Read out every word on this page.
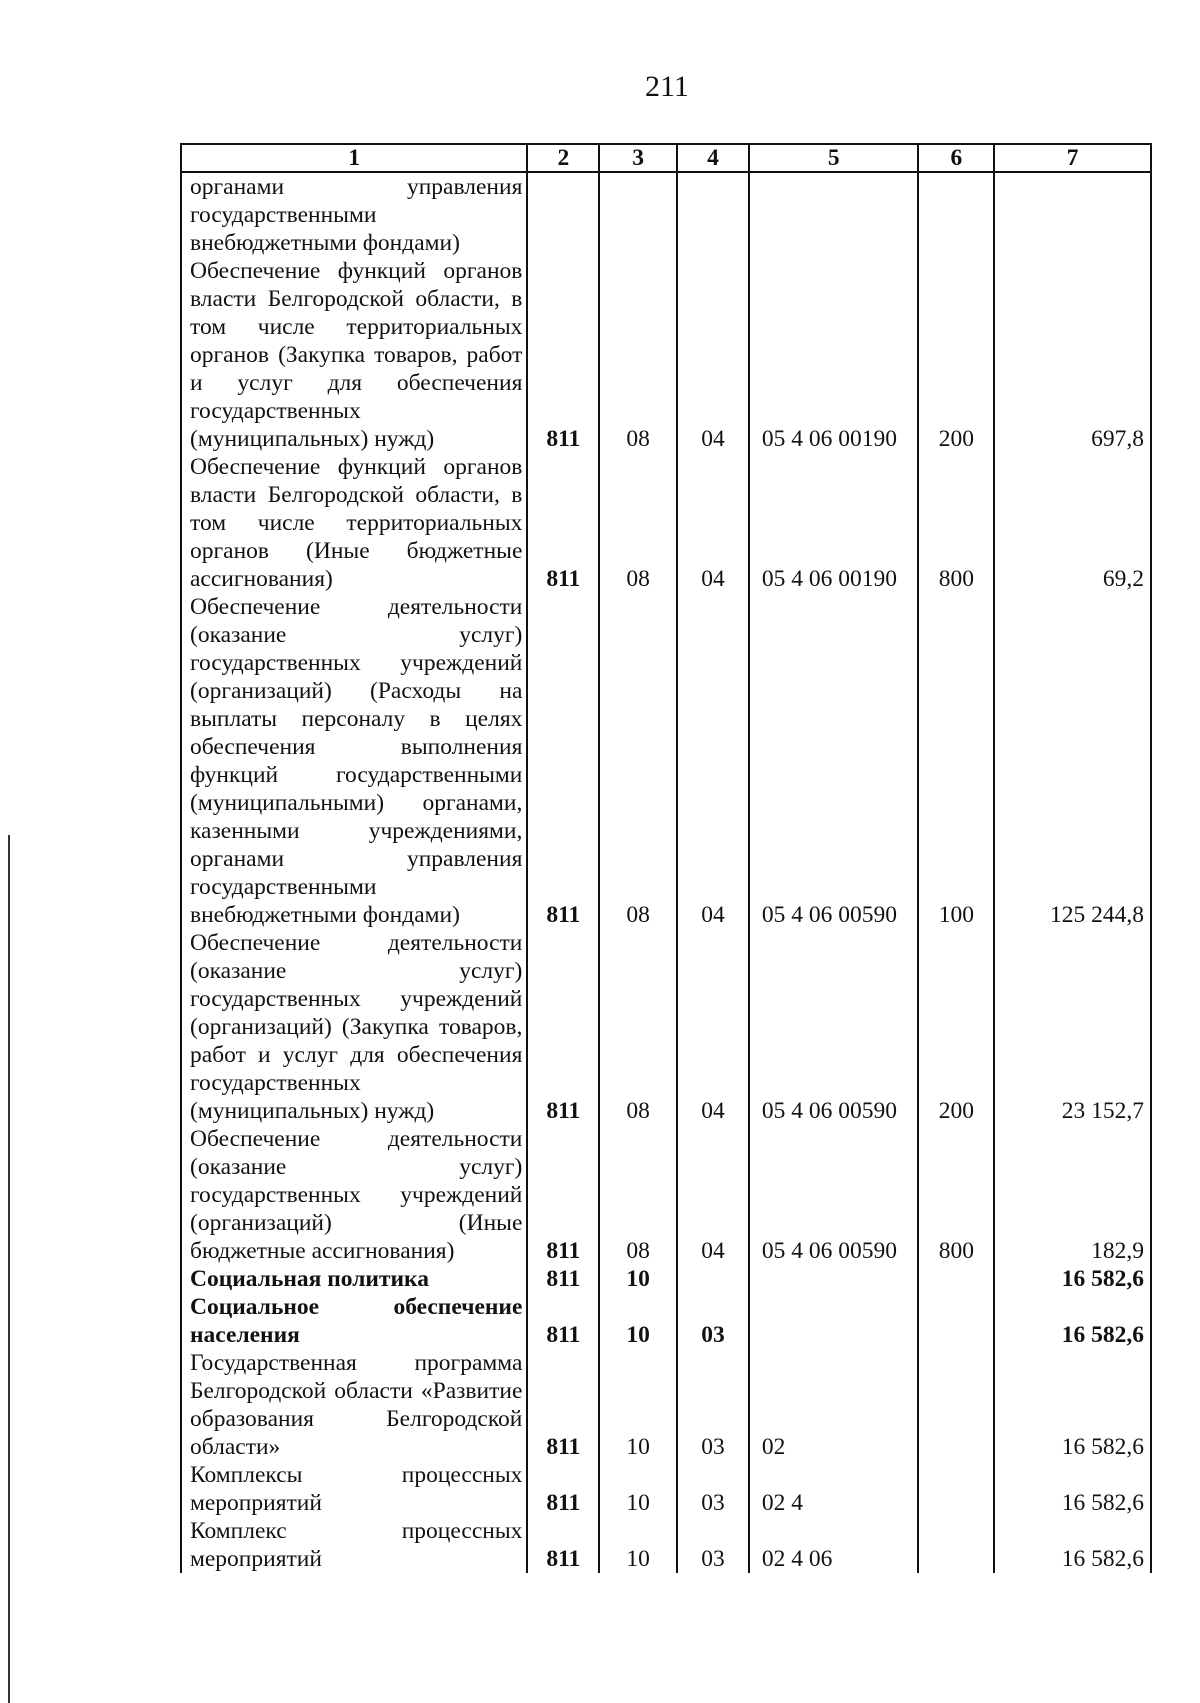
211
1	2	3	4	5	6	7
органами управления государственными внебюджетными фондами)						
Обеспечение функций органов власти Белгородской области, в том числе территориальных органов (Закупка товаров, работ и услуг для обеспечения государственных (муниципальных) нужд)	811	08	04	05 4 06 00190	200	697,8
Обеспечение функций органов власти Белгородской области, в том числе территориальных органов (Иные бюджетные ассигнования)	811	08	04	05 4 06 00190	800	69,2
Обеспечение деятельности (оказание услуг) государственных учреждений (организаций) (Расходы на выплаты персоналу в целях обеспечения выполнения функций государственными (муниципальными) органами, казенными учреждениями, органами управления государственными внебюджетными фондами)	811	08	04	05 4 06 00590	100	125 244,8
Обеспечение деятельности (оказание услуг) государственных учреждений (организаций) (Закупка товаров, работ и услуг для обеспечения государственных (муниципальных) нужд)	811	08	04	05 4 06 00590	200	23 152,7
Обеспечение деятельности (оказание услуг) государственных учреждений (организаций) (Иные бюджетные ассигнования)	811	08	04	05 4 06 00590	800	182,9
Социальная политика	811	10				16 582,6
Социальное обеспечение населения	811	10	03			16 582,6
Государственная программа Белгородской области «Развитие образования Белгородской области»	811	10	03	02		16 582,6
Комплексы процессных мероприятий	811	10	03	02 4		16 582,6
Комплекс процессных мероприятий	811	10	03	02 4 06		16 582,6
